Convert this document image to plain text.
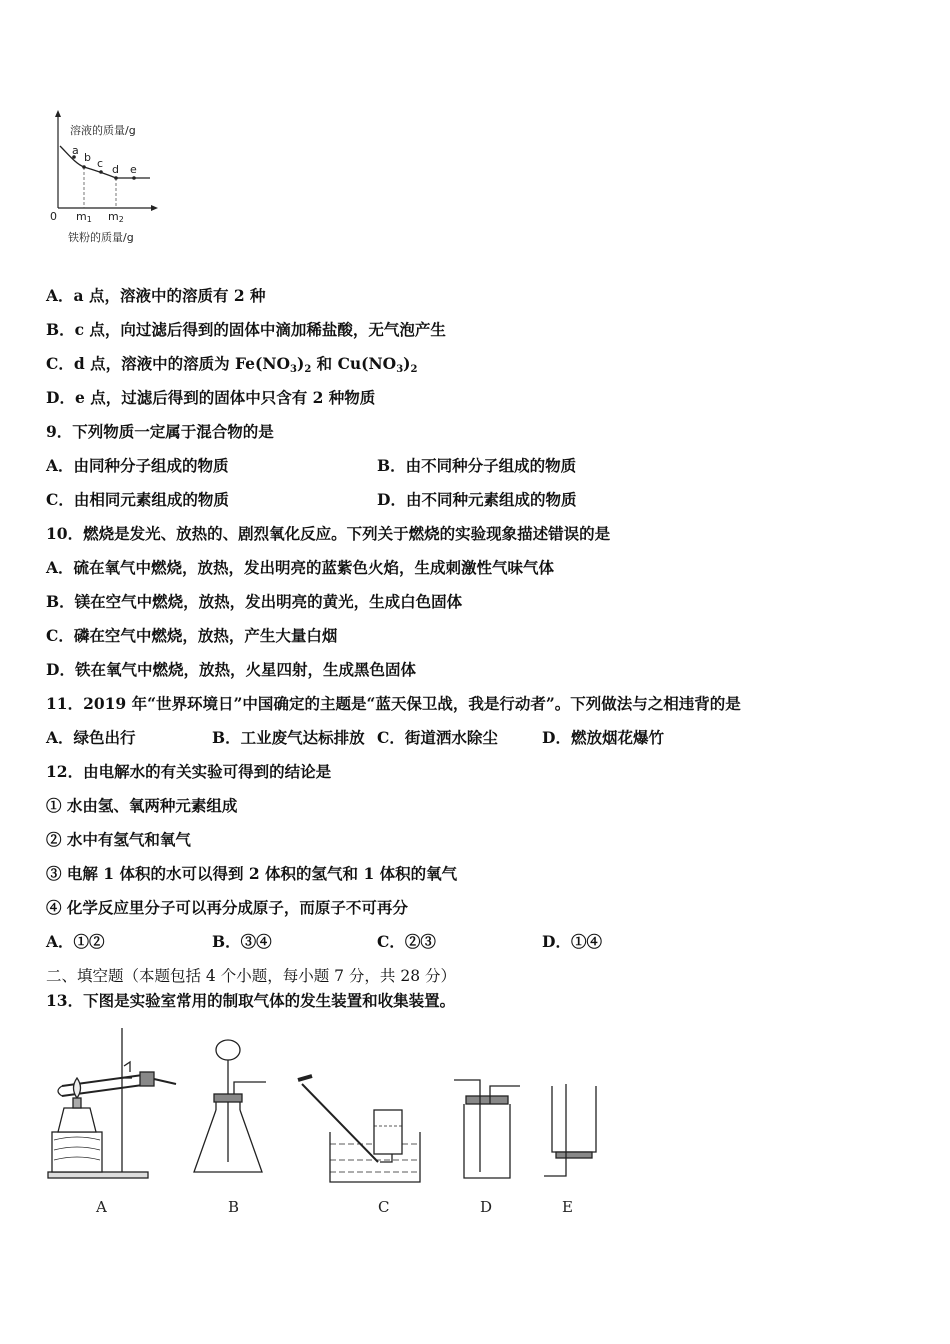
溶液的质量/g
a
b c d e
0 m1 m2
铁粉的质量/g
A．a 点，溶液中的溶质有 2 种
B．c 点，向过滤后得到的固体中滴加稀盐酸，无气泡产生
C．d 点，溶液中的溶质为 $Fe(NO_3)_2$ 和 $Cu(NO_3)_2$
D．e 点，过滤后得到的固体中只含有 2 种物质
9．下列物质一定属于混合物的是
A．由同种分子组成的物质	B．由不同种分子组成的物质
C．由相同元素组成的物质	D．由不同种元素组成的物质
10．燃烧是发光、放热的、剧烈氧化反应。下列关于燃烧的实验现象描述错误的是
A．硫在氧气中燃烧，放热，发出明亮的蓝紫色火焰，生成刺激性气味气体
B．镁在空气中燃烧，放热，发出明亮的黄光，生成白色固体
C．磷在空气中燃烧，放热，产生大量白烟
D．铁在氧气中燃烧，放热，火星四射，生成黑色固体
11．2019 年“世界环境日”中国确定的主题是“蓝天保卫战，我是行动者”。下列做法与之相违背的是
A．绿色出行	B．工业废气达标排放 C．街道洒水除尘	D．燃放烟花爆竹
12．由电解水的有关实验可得到的结论是
① 水由氢、氧两种元素组成
② 水中有氢气和氧气
③ 电解 1 体积的水可以得到 2 体积的氢气和 1 体积的氧气
④ 化学反应里分子可以再分成原子，而原子不可再分
A．①②	B．③④	C．②③	D．①④
二、填空题（本题包括 4 个小题，每小题 7 分，共 28 分）
13．下图是实验室常用的制取气体的发生装置和收集装置。
A	B	C	D	E
